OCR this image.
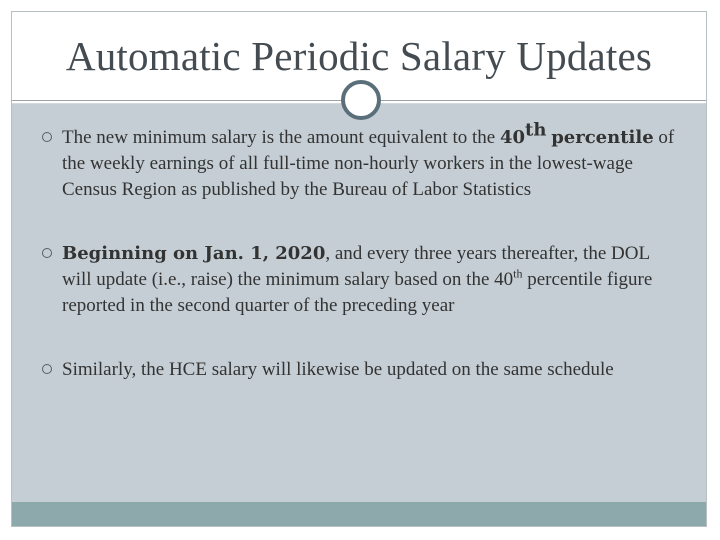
Automatic Periodic Salary Updates
The new minimum salary is the amount equivalent to the 40th percentile of the weekly earnings of all full-time non-hourly workers in the lowest-wage Census Region as published by the Bureau of Labor Statistics
Beginning on Jan. 1, 2020, and every three years thereafter, the DOL will update (i.e., raise) the minimum salary based on the 40th percentile figure reported in the second quarter of the preceding year
Similarly, the HCE salary will likewise be updated on the same schedule
